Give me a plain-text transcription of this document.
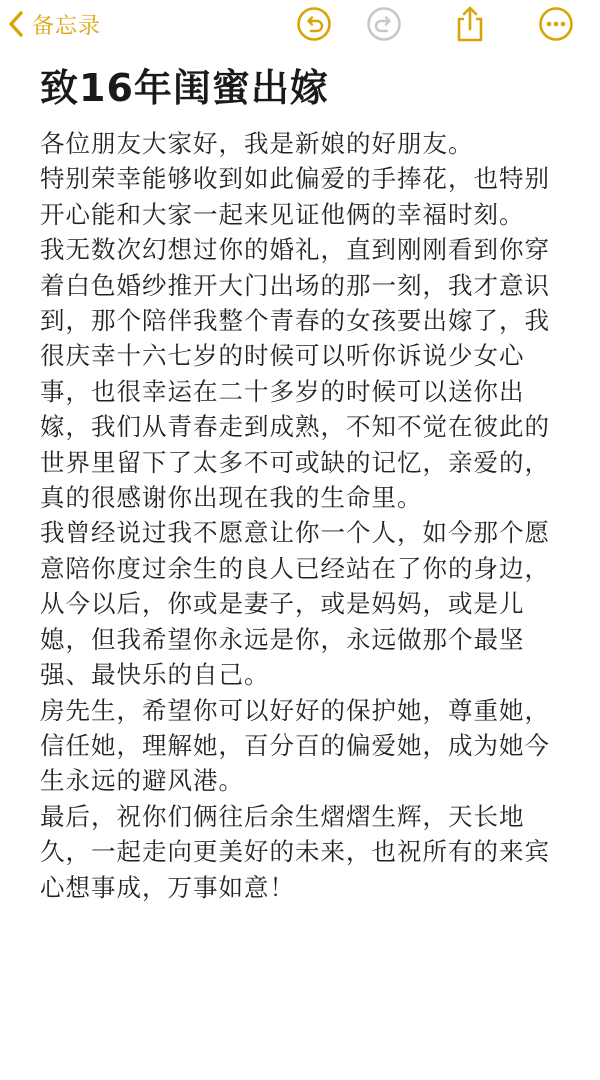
备忘录
致16年闺蜜出嫁

各位朋友大家好，我是新娘的好朋友。

特别荣幸能够收到如此偏爱的手捧花，也特别开心能和大家一起来见证他俩的幸福时刻。

我无数次幻想过你的婚礼，直到刚刚看到你穿着白色婚纱推开大门出场的那一刻，我才意识到，那个陪伴我整个青春的女孩要出嫁了，我很庆幸十六七岁的时候可以听你诉说少女心事，也很幸运在二十多岁的时候可以送你出嫁，我们从青春走到成熟，不知不觉在彼此的世界里留下了太多不可或缺的记忆，亲爱的，真的很感谢你出现在我的生命里。

我曾经说过我不愿意让你一个人，如今那个愿意陪你度过余生的良人已经站在了你的身边，从今以后，你或是妻子，或是妈妈，或是儿媳，但我希望你永远是你，永远做那个最坚强、最快乐的自己。

房先生，希望你可以好好的保护她，尊重她，信任她，理解她，百分百的偏爱她，成为她今生永远的避风港。

最后，祝你们俩往后余生熠熠生辉，天长地久，一起走向更美好的未来，也祝所有的来宾心想事成，万事如意！
